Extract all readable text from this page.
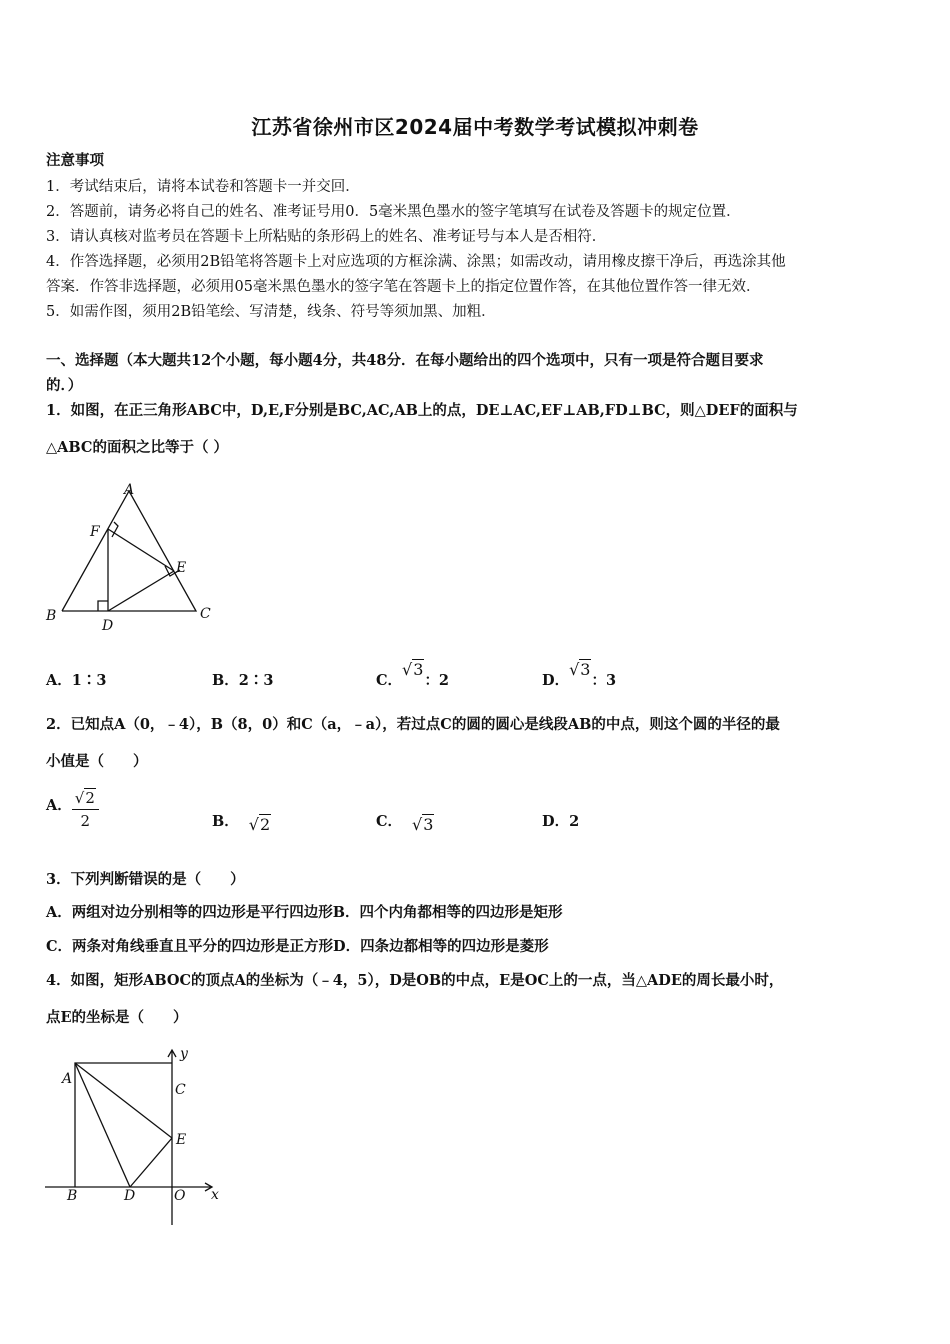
江苏省徐州市区2024届中考数学考试模拟冲刺卷
注意事项
1．考试结束后，请将本试卷和答题卡一并交回．
2．答题前，请务必将自己的姓名、准考证号用0．5毫米黑色墨水的签字笔填写在试卷及答题卡的规定位置．
3．请认真核对监考员在答题卡上所粘贴的条形码上的姓名、准考证号与本人是否相符．
4．作答选择题，必须用2B铅笔将答题卡上对应选项的方框涂满、涂黑；如需改动，请用橡皮擦干净后，再选涂其他
答案．作答非选择题，必须用05毫米黑色墨水的签字笔在答题卡上的指定位置作答，在其他位置作答一律无效．
5．如需作图，须用2B铅笔绘、写清楚，线条、符号等须加黑、加粗．
一、选择题（本大题共12个小题，每小题4分，共48分．在每小题给出的四个选项中，只有一项是符合题目要求
的．）
1．如图，在正三角形ABC中，D,E,F分别是BC,AC,AB上的点，DE⊥AC,EF⊥AB,FD⊥BC，则△DEF的面积与
△ABC的面积之比等于（ ）
A
F
E
B
D
C
A．1∶3	B．2∶3	C．√3：2	D．√3：3
2．已知点A（0，﹣4），B（8，0）和C（a，﹣a），若过点C的圆的圆心是线段AB的中点，则这个圆的半径的最
小值是（　　）
A． $\frac{√2}{2}$	B． √2	C． √3	D．2
3．下列判断错误的是（　　）
A．两组对边分别相等的四边形是平行四边形B．四个内角都相等的四边形是矩形
C．两条对角线垂直且平分的四边形是正方形D．四条边都相等的四边形是菱形
4．如图，矩形ABOC的顶点A的坐标为（﹣4，5），D是OB的中点，E是OC上的一点，当△ADE的周长最小时，
点E的坐标是（　　）
A
C
E
B	D	O x
y
